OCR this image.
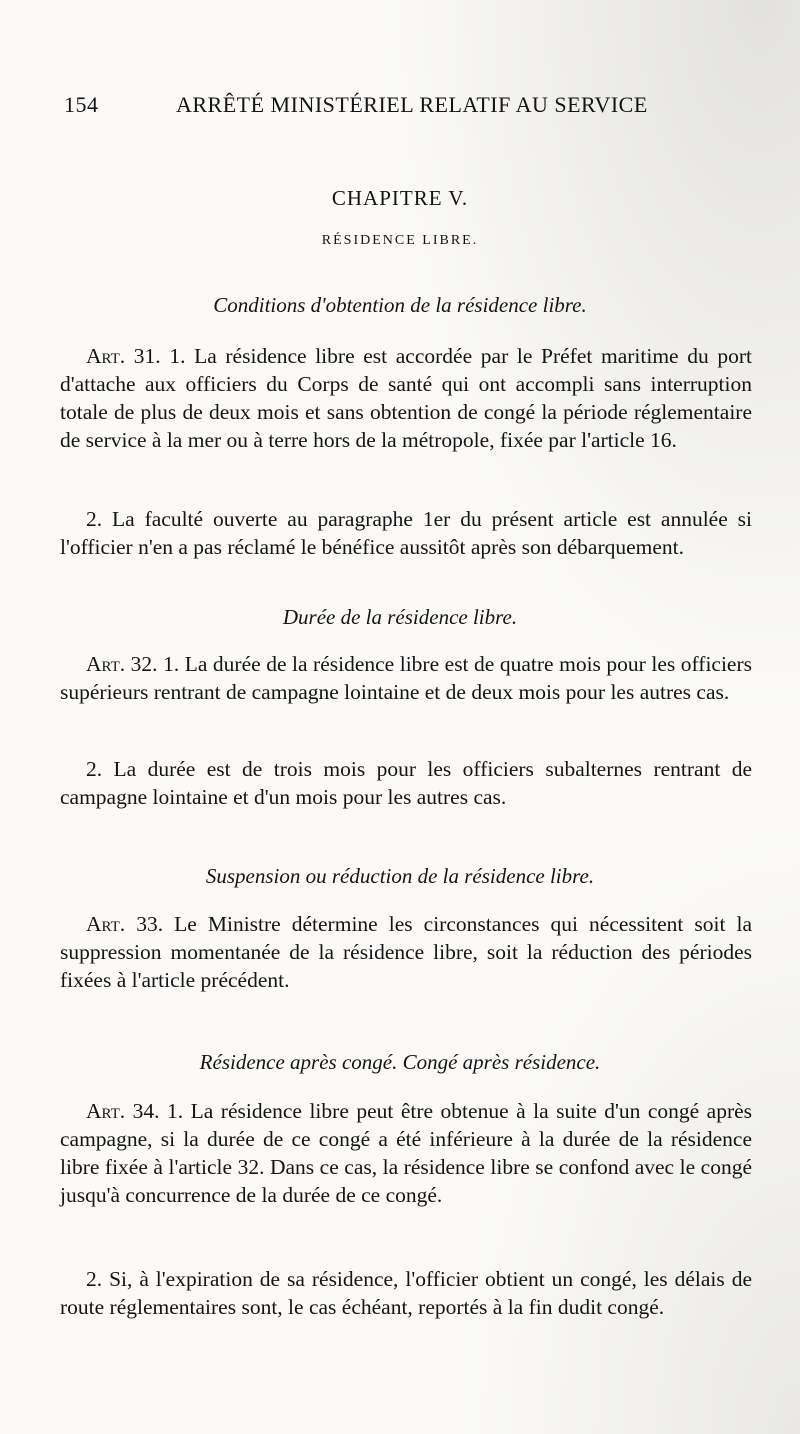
154	ARRÊTÉ MINISTÉRIEL RELATIF AU SERVICE
CHAPITRE V.
RÉSIDENCE LIBRE.
Conditions d'obtention de la résidence libre.

Art. 31. 1. La résidence libre est accordée par le Préfet maritime du port d'attache aux officiers du Corps de santé qui ont accompli sans interruption totale de plus de deux mois et sans obtention de congé la période réglementaire de service à la mer ou à terre hors de la métropole, fixée par l'article 16.

2. La faculté ouverte au paragraphe 1er du présent article est annulée si l'officier n'en a pas réclamé le bénéfice aussitôt après son débarquement.

Durée de la résidence libre.

Art. 32. 1. La durée de la résidence libre est de quatre mois pour les officiers supérieurs rentrant de campagne lointaine et de deux mois pour les autres cas.

2. La durée est de trois mois pour les officiers subalternes rentrant de campagne lointaine et d'un mois pour les autres cas.

Suspension ou réduction de la résidence libre.

Art. 33. Le Ministre détermine les circonstances qui nécessitent soit la suppression momentanée de la résidence libre, soit la réduction des périodes fixées à l'article précédent.

Résidence après congé. Congé après résidence.

Art. 34. 1. La résidence libre peut être obtenue à la suite d'un congé après campagne, si la durée de ce congé a été inférieure à la durée de la résidence libre fixée à l'article 32. Dans ce cas, la résidence libre se confond avec le congé jusqu'à concurrence de la durée de ce congé.

2. Si, à l'expiration de sa résidence, l'officier obtient un congé, les délais de route réglementaires sont, le cas échéant, reportés à la fin dudit congé.
